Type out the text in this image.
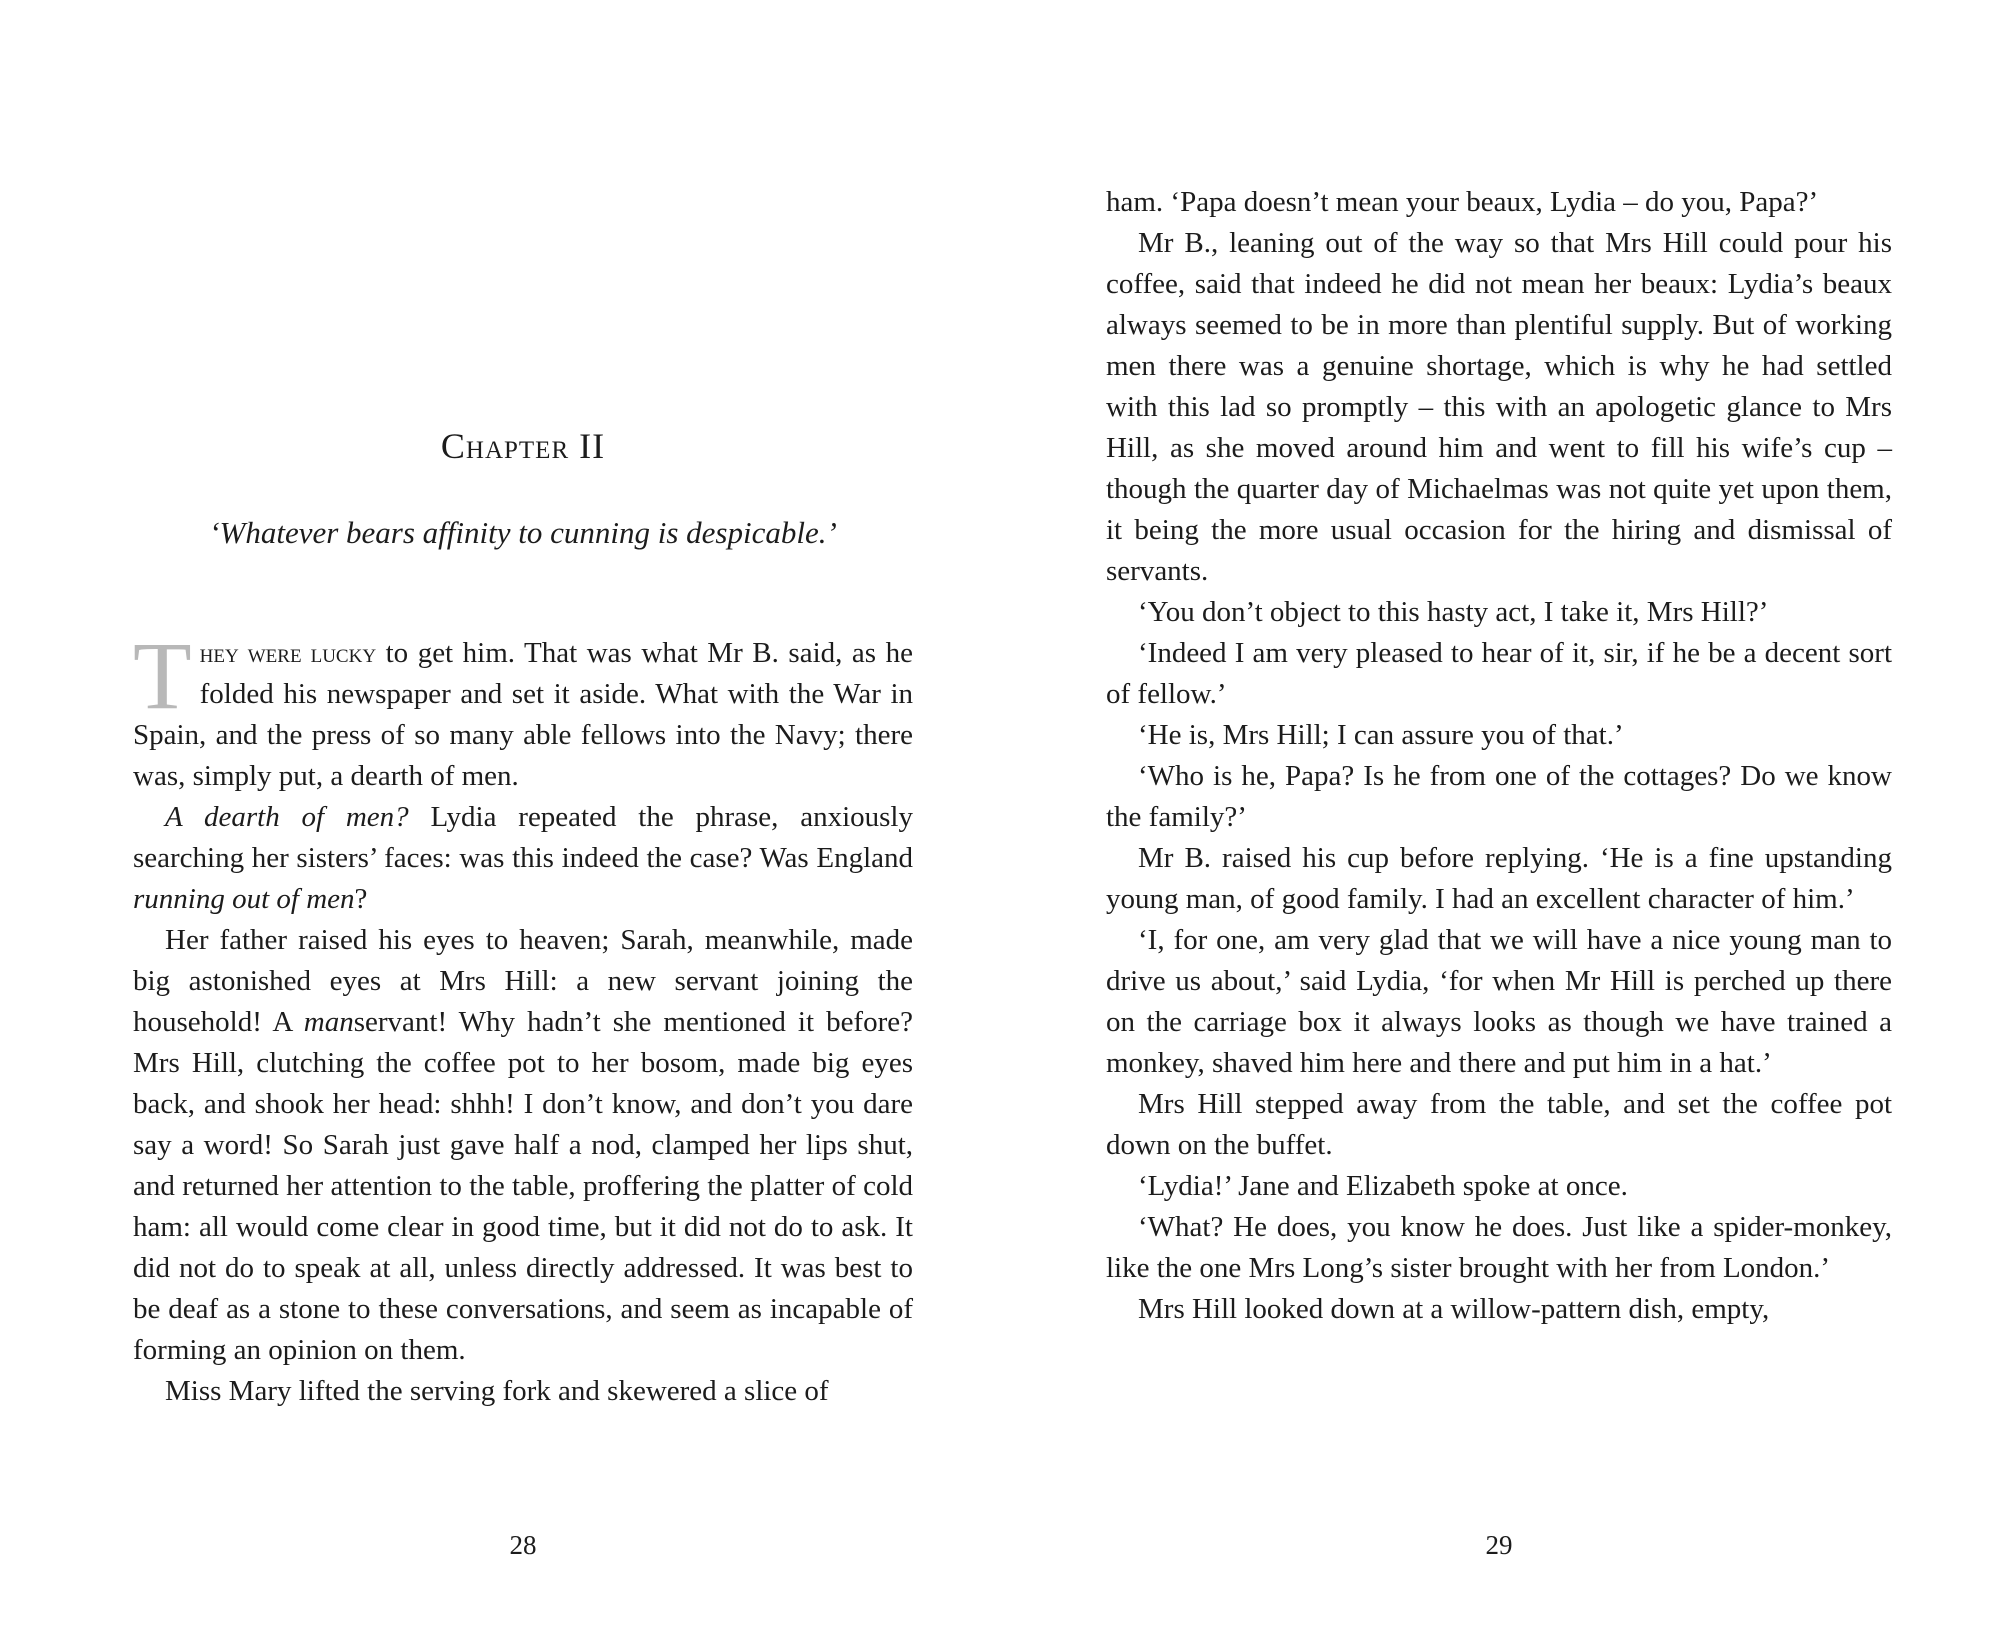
Chapter II
‘Whatever bears affinity to cunning is despicable.’

They were lucky to get him. That was what Mr B. said, as he folded his newspaper and set it aside. What with the War in Spain, and the press of so many able fellows into the Navy; there was, simply put, a dearth of men.

A dearth of men? Lydia repeated the phrase, anxiously searching her sisters’ faces: was this indeed the case? Was England running out of men?

Her father raised his eyes to heaven; Sarah, meanwhile, made big astonished eyes at Mrs Hill: a new servant joining the household! A manservant! Why hadn’t she mentioned it before? Mrs Hill, clutching the coffee pot to her bosom, made big eyes back, and shook her head: shhh! I don’t know, and don’t you dare say a word! So Sarah just gave half a nod, clamped her lips shut, and returned her attention to the table, proffering the platter of cold ham: all would come clear in good time, but it did not do to ask. It did not do to speak at all, unless directly addressed. It was best to be deaf as a stone to these conversations, and seem as incapable of forming an opinion on them.

Miss Mary lifted the serving fork and skewered a slice of

28

ham. ‘Papa doesn’t mean your beaux, Lydia – do you, Papa?’

Mr B., leaning out of the way so that Mrs Hill could pour his coffee, said that indeed he did not mean her beaux: Lydia’s beaux always seemed to be in more than plentiful supply. But of working men there was a genuine shortage, which is why he had settled with this lad so promptly – this with an apologetic glance to Mrs Hill, as she moved around him and went to fill his wife’s cup – though the quarter day of Michaelmas was not quite yet upon them, it being the more usual occasion for the hiring and dismissal of servants.

‘You don’t object to this hasty act, I take it, Mrs Hill?’

‘Indeed I am very pleased to hear of it, sir, if he be a decent sort of fellow.’

‘He is, Mrs Hill; I can assure you of that.’

‘Who is he, Papa? Is he from one of the cottages? Do we know the family?’

Mr B. raised his cup before replying. ‘He is a fine upstanding young man, of good family. I had an excellent character of him.’

‘I, for one, am very glad that we will have a nice young man to drive us about,’ said Lydia, ‘for when Mr Hill is perched up there on the carriage box it always looks as though we have trained a monkey, shaved him here and there and put him in a hat.’

Mrs Hill stepped away from the table, and set the coffee pot down on the buffet.

‘Lydia!’ Jane and Elizabeth spoke at once.

‘What? He does, you know he does. Just like a spider-monkey, like the one Mrs Long’s sister brought with her from London.’

Mrs Hill looked down at a willow-pattern dish, empty,

29
